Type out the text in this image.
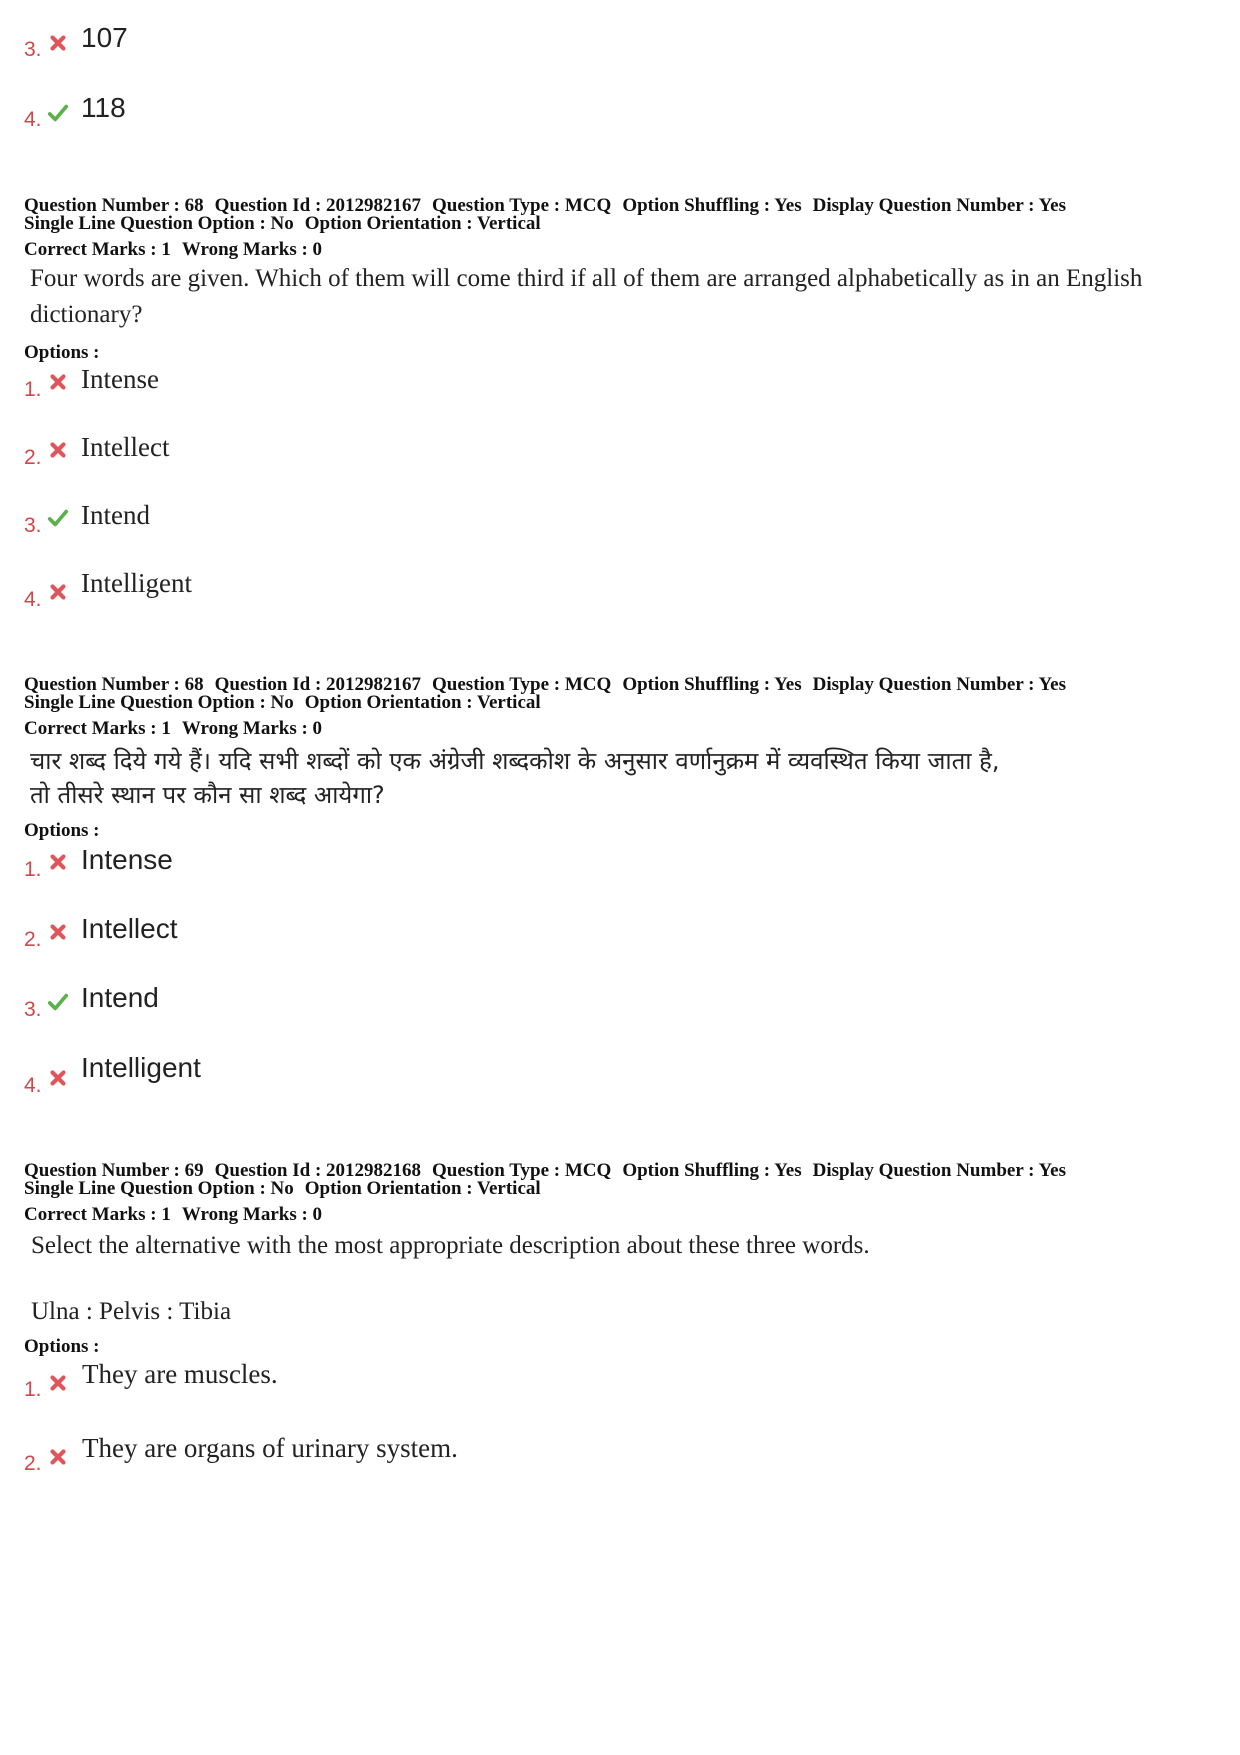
3. 107
4. 118
Question Number : 68 Question Id : 2012982167 Question Type : MCQ Option Shuffling : Yes Display Question Number : Yes
Single Line Question Option : No Option Orientation : Vertical
Correct Marks : 1 Wrong Marks : 0
Four words are given. Which of them will come third if all of them are arranged alphabetically as in an English
dictionary?
Options :
1. Intense
2. Intellect
3. Intend
4.
Intelligent
Question Number : 68 Question Id : 2012982167 Question Type : MCQ Option Shuffling : Yes Display Question Number : Yes
Single Line Question Option : No Option Orientation : Vertical
Correct Marks : 1 Wrong Marks : 0
चार शब्द दिये गये हैं। यदि सभी शब्दों को एक अंग्रेजी शब्दकोश के अनुसार वर्णानुक्रम में व्यवस्थित किया जाता है,
तो तीसरे स्थान पर कौन सा शब्द आयेगा?
Options :
1. Intense
2. Intellect
3. Intend
4.
Intelligent
Question Number : 69 Question Id : 2012982168 Question Type : MCQ Option Shuffling : Yes Display Question Number : Yes
Single Line Question Option : No Option Orientation : Vertical
Correct Marks : 1 Wrong Marks : 0
Select the alternative with the most appropriate description about these three words.
Ulna : Pelvis : Tibia
Options :
1.
They are muscles.
2.
They are organs of urinary system.
